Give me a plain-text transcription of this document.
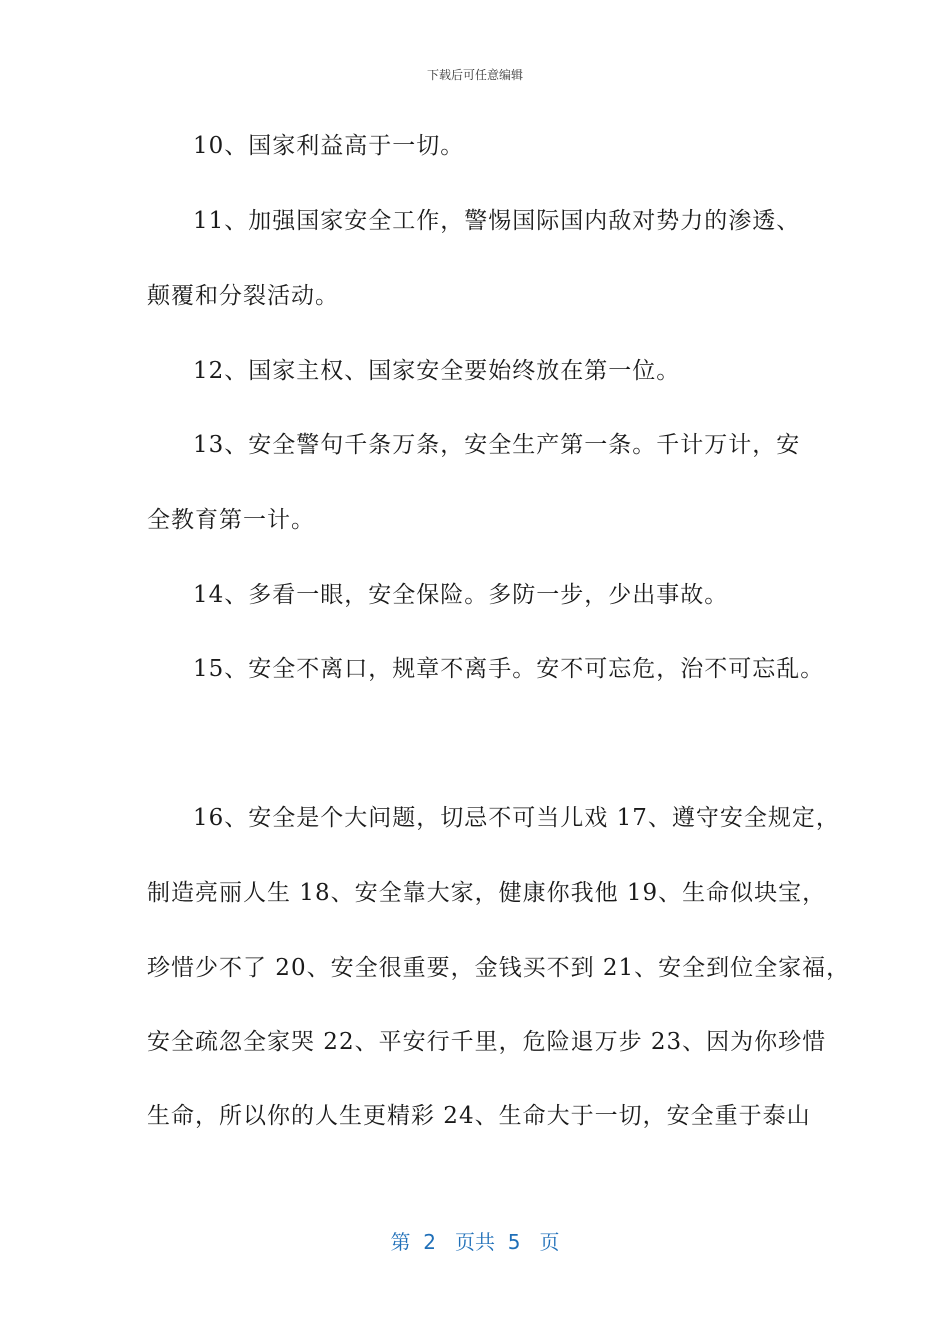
下载后可任意编辑
10、国家利益高于一切。
11、加强国家安全工作，警惕国际国内敌对势力的渗透、
颠覆和分裂活动。
12、国家主权、国家安全要始终放在第一位。
13、安全警句千条万条，安全生产第一条。千计万计，安
全教育第一计。
14、多看一眼，安全保险。多防一步，少出事故。
15、安全不离口，规章不离手。安不可忘危，治不可忘乱。
16、安全是个大问题，切忌不可当儿戏 17、遵守安全规定，
制造亮丽人生 18、安全靠大家，健康你我他 19、生命似块宝，
珍惜少不了 20、安全很重要，金钱买不到 21、安全到位全家福，
安全疏忽全家哭 22、平安行千里，危险退万步 23、因为你珍惜
生命，所以你的人生更精彩 24、生命大于一切，安全重于泰山
第 2 页共 5 页
